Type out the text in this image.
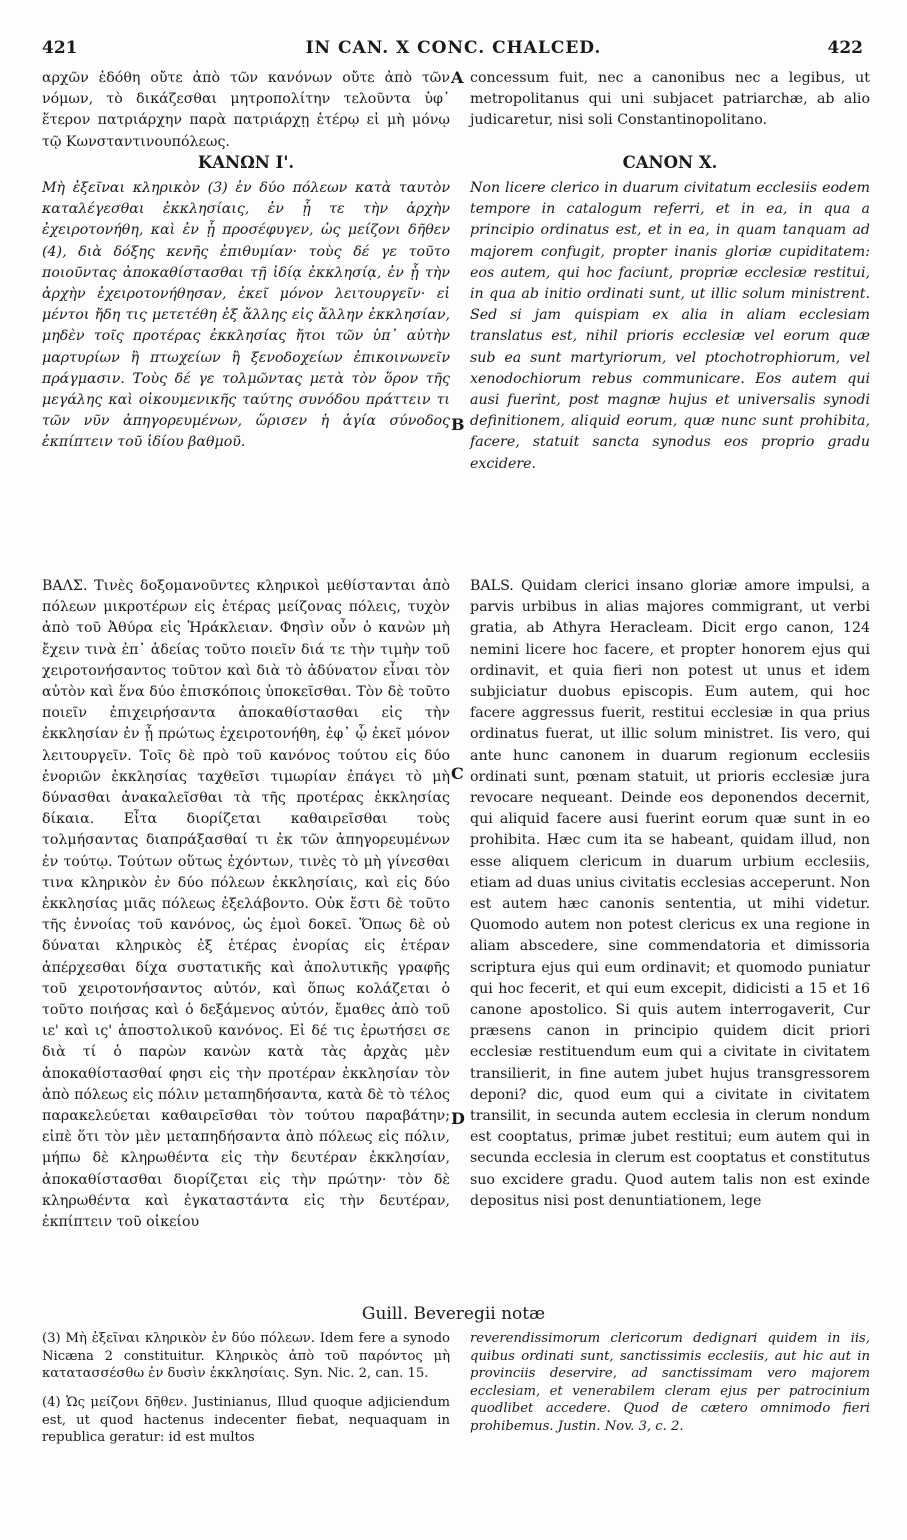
421	IN CAN. X CONC. CHALCED.	422

αρχῶν ἐδόθη οὔτε ἀπὸ τῶν κανόνων οὔτε ἀπὸ τῶν νόμων, τὸ δικάζεσθαι μητροπολίτην τελοῦντα ὑφ᾽ ἕτερον πατριάρχην παρὰ πατριάρχῃ ἑτέρῳ εἰ μὴ μόνῳ τῷ Κωνσταντινουπόλεως.

ΚΑΝΩΝ Ι'.

Μὴ ἐξεῖναι κληρικὸν (3) ἐν δύο πόλεων κατὰ ταυτὸν καταλέγεσθαι ἐκκλησίαις, ἐν ᾗ τε τὴν ἀρχὴν ἐχειροτονήθη, καὶ ἐν ᾗ προσέφυγεν, ὡς μείζονι δῆθεν (4), διὰ δόξης κενῆς ἐπιθυμίαν· τοὺς δέ γε τοῦτο ποιοῦντας ἀποκαθίστασθαι τῇ ἰδίᾳ ἐκκλησίᾳ, ἐν ᾗ τὴν ἀρχὴν ἐχειροτονήθησαν, ἐκεῖ μόνον λειτουργεῖν· εἰ μέντοι ἤδη τις μετετέθη ἐξ ἄλλης εἰς ἄλλην ἐκκλησίαν, μηδὲν τοῖς προτέρας ἐκκλησίας ἤτοι τῶν ὑπ᾽ αὐτὴν μαρτυρίων ἢ πτωχείων ἢ ξενοδοχείων ἐπικοινωνεῖν πράγμασιν. Τοὺς δέ γε τολμῶντας μετὰ τὸν ὅρον τῆς μεγάλης καὶ οἰκουμενικῆς ταύτης συνόδου πράττειν τι τῶν νῦν ἀπηγορευμένων, ὥρισεν ἡ ἁγία σύνοδος ἐκπίπτειν τοῦ ἰδίου βαθμοῦ.

ΒΑΛΣ. Τινὲς δοξομανοῦντες κληρικοὶ μεθίστανται ἀπὸ πόλεων μικροτέρων εἰς ἑτέρας μείζονας πόλεις, τυχὸν ἀπὸ τοῦ Ἀθύρα εἰς Ἡράκλειαν. Φησὶν οὖν ὁ κανὼν μὴ ἔχειν τινὰ ἐπ᾽ ἀδείας τοῦτο ποιεῖν διά τε τὴν τιμὴν τοῦ χειροτονήσαντος τοῦτον καὶ διὰ τὸ ἀδύνατον εἶναι τὸν αὐτὸν καὶ ἕνα δύο ἐπισκόποις ὑποκεῖσθαι. Τὸν δὲ τοῦτο ποιεῖν ἐπιχειρήσαντα ἀποκαθίστασθαι εἰς τὴν ἐκκλησίαν ἐν ᾗ πρώτως ἐχειροτονήθη, ἐφ᾽ ᾧ ἐκεῖ μόνον λειτουργεῖν. Τοῖς δὲ πρὸ τοῦ κανόνος τούτου εἰς δύο ἐνοριῶν ἐκκλησίας ταχθεῖσι τιμωρίαν ἐπάγει τὸ μὴ δύνασθαι ἀνακαλεῖσθαι τὰ τῆς προτέρας ἐκκλησίας δίκαια. Εἶτα διορίζεται καθαιρεῖσθαι τοὺς τολμήσαντας διαπράξασθαί τι ἐκ τῶν ἀπηγορευμένων ἐν τούτῳ. Τούτων οὕτως ἐχόντων, τινὲς τὸ μὴ γίνεσθαι τινα κληρικὸν ἐν δύο πόλεων ἐκκλησίαις, καὶ εἰς δύο ἐκκλησίας μιᾶς πόλεως ἐξελάβοντο. Οὐκ ἔστι δὲ τοῦτο τῆς ἐννοίας τοῦ κανόνος, ὡς ἐμοὶ δοκεῖ. Ὅπως δὲ οὐ δύναται κληρικὸς ἐξ ἑτέρας ἐνορίας εἰς ἑτέραν ἀπέρχεσθαι δίχα συστατικῆς καὶ ἀπολυτικῆς γραφῆς τοῦ χειροτονήσαντος αὐτόν, καὶ ὅπως κολάζεται ὁ τοῦτο ποιήσας καὶ ὁ δεξάμενος αὐτόν, ἔμαθες ἀπὸ τοῦ ιε' καὶ ις' ἀποστολικοῦ κανόνος. Εἰ δέ τις ἐρωτήσει σε διὰ τί ὁ παρὼν κανὼν κατὰ τὰς ἀρχὰς μὲν ἀποκαθίστασθαί φησι εἰς τὴν προτέραν ἐκκλησίαν τὸν ἀπὸ πόλεως εἰς πόλιν μεταπηδήσαντα, κατὰ δὲ τὸ τέλος παρακελεύεται καθαιρεῖσθαι τὸν τούτου παραβάτην; εἰπὲ ὅτι τὸν μὲν μεταπηδήσαντα ἀπὸ πόλεως εἰς πόλιν, μήπω δὲ κληρωθέντα εἰς τὴν δευτέραν ἐκκλησίαν, ἀποκαθίστασθαι διορίζεται εἰς τὴν πρώτην· τὸν δὲ κληρωθέντα καὶ ἐγκαταστάντα εἰς τὴν δευτέραν, ἐκπίπτειν τοῦ οἰκείου

A
B
C
D

concessum fuit, nec a canonibus nec a legibus, ut metropolitanus qui uni subjacet patriarchæ, ab alio judicaretur, nisi soli Constantinopolitano.

CANON X.

Non licere clerico in duarum civitatum ecclesiis eodem tempore in catalogum referri, et in ea, in qua a principio ordinatus est, et in ea, in quam tanquam ad majorem confugit, propter inanis gloriæ cupiditatem: eos autem, qui hoc faciunt, propriæ ecclesiæ restitui, in qua ab initio ordinati sunt, ut illic solum ministrent. Sed si jam quispiam ex alia in aliam ecclesiam translatus est, nihil prioris ecclesiæ vel eorum quæ sub ea sunt martyriorum, vel ptochotrophiorum, vel xenodochiorum rebus communicare. Eos autem qui ausi fuerint, post magnæ hujus et universalis synodi definitionem, aliquid eorum, quæ nunc sunt prohibita, facere, statuit sancta synodus eos proprio gradu excidere.

BALS. Quidam clerici insano gloriæ amore impulsi, a parvis urbibus in alias majores commigrant, ut verbi gratia, ab Athyra Heracleam. Dicit ergo canon, 124 nemini licere hoc facere, et propter honorem ejus qui ordinavit, et quia fieri non potest ut unus et idem subjiciatur duobus episcopis. Eum autem, qui hoc facere aggressus fuerit, restitui ecclesiæ in qua prius ordinatus fuerat, ut illic solum ministret. Iis vero, qui ante hunc canonem in duarum regionum ecclesiis ordinati sunt, pœnam statuit, ut prioris ecclesiæ jura revocare nequeant. Deinde eos deponendos decernit, qui aliquid facere ausi fuerint eorum quæ sunt in eo prohibita. Hæc cum ita se habeant, quidam illud, non esse aliquem clericum in duarum urbium ecclesiis, etiam ad duas unius civitatis ecclesias acceperunt. Non est autem hæc canonis sententia, ut mihi videtur. Quomodo autem non potest clericus ex una regione in aliam abscedere, sine commendatoria et dimissoria scriptura ejus qui eum ordinavit; et quomodo puniatur qui hoc fecerit, et qui eum excepit, didicisti a 15 et 16 canone apostolico. Si quis autem interrogaverit, Cur præsens canon in principio quidem dicit priori ecclesiæ restituendum eum qui a civitate in civitatem transilierit, in fine autem jubet hujus transgressorem deponi? dic, quod eum qui a civitate in civitatem transilit, in secunda autem ecclesia in clerum nondum est cooptatus, primæ jubet restitui; eum autem qui in secunda ecclesia in clerum est cooptatus et constitutus suo excidere gradu. Quod autem talis non est exinde depositus nisi post denuntiationem, lege

Guill. Beveregii notæ

(3) Μὴ ἐξεῖναι κληρικὸν ἐν δύο πόλεων. Idem fere a synodo Nicæna 2 constituitur. Κληρικὸς ἀπὸ τοῦ παρόντος μὴ κατατασσέσθω ἐν δυσὶν ἐκκλησίαις. Syn. Nic. 2, can. 15.

(4) Ὡς μείζονι δῆθεν. Justinianus, Illud quoque adjiciendum est, ut quod hactenus indecenter fiebat, nequaquam in republica geratur: id est multos

reverendissimorum clericorum dedignari quidem in iis, quibus ordinati sunt, sanctissimis ecclesiis, aut hic aut in provinciis deservire, ad sanctissimam vero majorem ecclesiam, et venerabilem cleram ejus per patrocinium quodlibet accedere. Quod de cætero omnimodo fieri prohibemus. Justin. Nov. 3, c. 2.
